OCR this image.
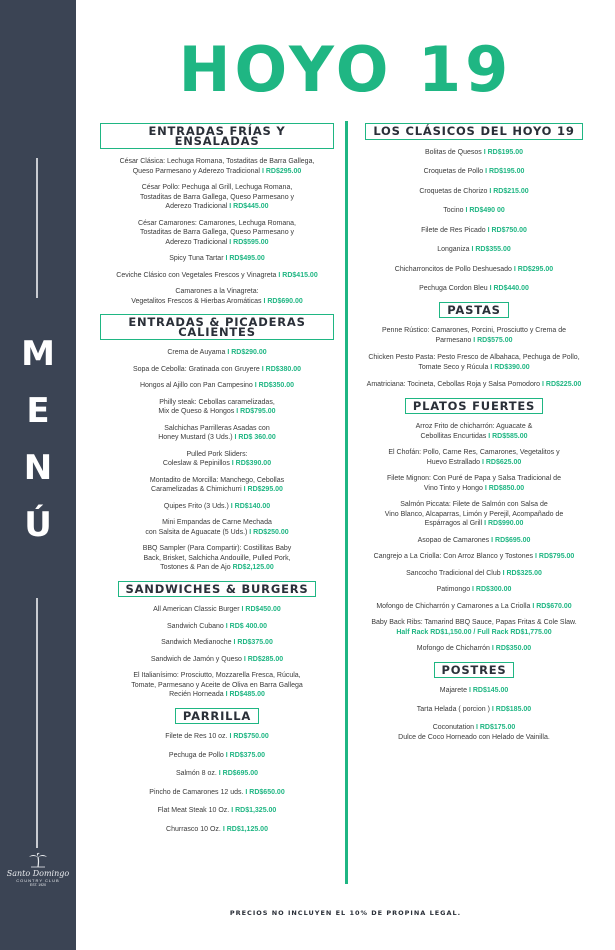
M
E
N
Ú
Santo Domingo
COUNTRY CLUB
EST. 1920
HOYO 19
ENTRADAS FRÍAS Y ENSALADAS
César Clásica: Lechuga Romana, Tostaditas de Barra Gallega,
Queso Parmesano y Aderezo Tradicional I RD$295.00
César Pollo: Pechuga al Grill, Lechuga Romana,
Tostaditas de Barra Gallega, Queso Parmesano y
Aderezo Tradicional I RD$445.00
César Camarones: Camarones, Lechuga Romana,
Tostaditas de Barra Gallega, Queso Parmesano y
Aderezo Tradicional I RD$595.00
Spicy Tuna Tartar I RD$495.00
Ceviche Clásico con Vegetales Frescos y Vinagreta I RD$415.00
Camarones a la Vinagreta:
Vegetalitos Frescos & Hierbas Aromáticas I RD$690.00
ENTRADAS & PICADERAS CALIENTES
Crema de Auyama I RD$290.00
Sopa de Cebolla: Gratinada con Gruyere I RD$380.00
Hongos al Ajillo con Pan Campesino I RD$350.00
Philly steak: Cebollas caramelizadas,
Mix de Queso & Hongos I RD$795.00
Salchichas Parrilleras Asadas con
Honey Mustard (3 Uds.) I RD$ 360.00
Pulled Pork Sliders:
Coleslaw & Pepinillos I RD$390.00
Montadito de Morcilla: Manchego, Cebollas
Caramelizadas & Chimichurri I RD$295.00
Quipes Frito (3 Uds.) I RD$140.00
Mini Empandas de Carne Mechada
con Salsita de Aguacate (5 Uds.) I RD$250.00
BBQ Sampler (Para Compartir): Costillitas Baby
Back, Brisket, Salchicha Andouille, Pulled Pork,
Tostones & Pan de Ajo RD$2,125.00
SANDWICHES & BURGERS
All American Classic Burger I RD$450.00
Sandwich Cubano I RD$ 400.00
Sandwich Medianoche I RD$375.00
Sandwich de Jamón y Queso I RD$285.00
El Italianísimo: Prosciutto, Mozzarella Fresca, Rúcula,
Tomate, Parmesano y Aceite de Oliva en Barra Gallega
Recién Horneada I RD$485.00
PARRILLA
Filete de Res 10 oz. I RD$750.00
Pechuga de Pollo I RD$375.00
Salmón 8 oz. I RD$695.00
Pincho de Camarones 12 uds. I RD$650.00
Flat Meat Steak 10 Oz. I RD$1,325.00
Churrasco 10 Oz. I RD$1,125.00
LOS CLÁSICOS DEL HOYO 19
Bolitas de Quesos I RD$195.00
Croquetas de Pollo I RD$195.00
Croquetas de Chorizo I RD$215.00
Tocino I RD$490 00
Filete de Res Picado I RD$750.00
Longaniza I RD$355.00
Chicharroncitos de Pollo Deshuesado I RD$295.00
Pechuga Cordon Bleu I RD$440.00
PASTAS
Penne Rústico: Camarones, Porcini, Prosciutto y Crema de
Parmesano I RD$575.00
Chicken Pesto Pasta: Pesto Fresco de Albahaca, Pechuga de Pollo,
Tomate Seco y Rúcula I RD$390.00
Amatriciana: Tocineta, Cebollas Roja y Salsa Pomodoro I RD$225.00
PLATOS FUERTES
Arroz Frito de chicharrón: Aguacate &
Cebollitas Encurtidas I RD$585.00
El Chofán: Pollo, Carne Res, Camarones, Vegetalitos y
Huevo Estrallado I RD$625.00
Filete Mignon: Con Puré de Papa y Salsa Tradicional de
Vino Tinto y Hongo I RD$850.00
Salmón Piccata: Filete de Salmón con Salsa de
Vino Blanco, Alcaparras, Limón y Perejil, Acompañado de
Espárragos al Grill I RD$990.00
Asopao de Camarones I RD$695.00
Cangrejo a La Criolla: Con Arroz Blanco y Tostones I RD$795.00
Sancocho Tradicional del Club I RD$325.00
Patimongo I RD$300.00
Mofongo de Chicharrón y Camarones a La Criolla I RD$670.00
Baby Back Ribs: Tamarind BBQ Sauce, Papas Fritas & Cole Slaw.
Half Rack RD$1,150.00 / Full Rack RD$1,775.00
Mofongo de Chicharrón I RD$350.00
POSTRES
Majarete I RD$145.00
Tarta Helada ( porcion ) I RD$185.00
Coconutation I RD$175.00
Dulce de Coco Horneado con Helado de Vainilla.
PRECIOS NO INCLUYEN EL 10% DE PROPINA LEGAL.
